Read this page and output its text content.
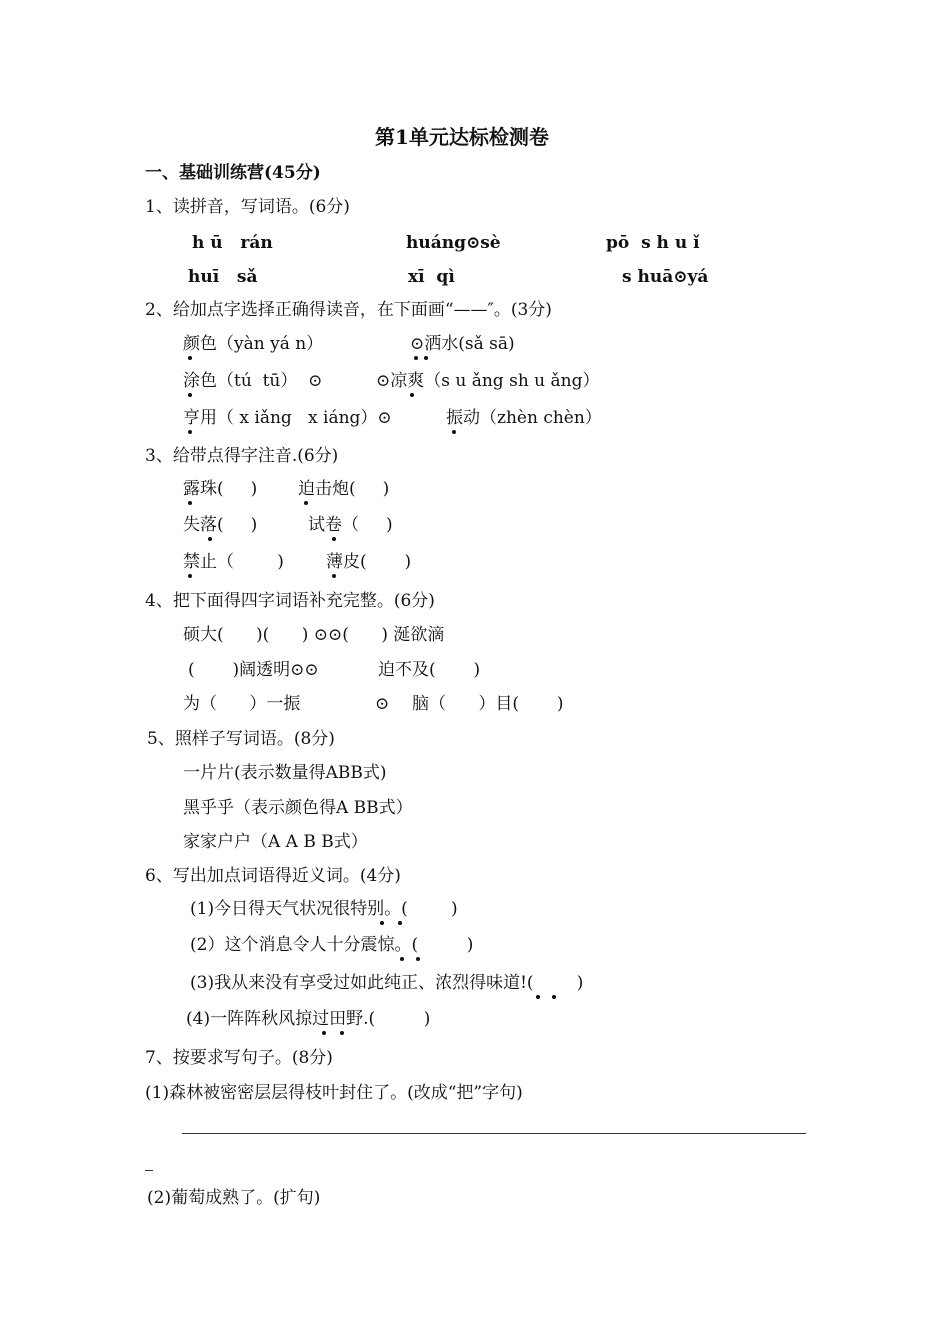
第1单元达标检测卷
一、基础训练营(45分)
1、读拼音，写词语。(6分)
h ū   rán	huáng⊙sè	pō  s h u ǐ
huī   sǎ	xī  qì	s huā⊙yá
2、给加点字选择正确得读音，在下面画“——″。(3分)
颜色（yàn yá n）	⊙洒水(sǎ sā)
涂色（tú  tū）  ⊙	⊙凉爽（s u ǎng sh u ǎng）
亨用（ x iǎng   x iáng）⊙	振动（zhèn chèn）
3、给带点得字注音.(6分)
露珠(     ) 迫击炮(     )
失落(     )	试卷（     )
禁止（        ) 薄皮(       )
4、把下面得四字词语补充完整。(6分)
硕大(      )(      ) ⊙⊙(      ) 涎欲滴
(       )阔透明⊙⊙	迫不及(       )
为（      ）一振	⊙ 脑（      ）目(       )
5、照样子写词语。(8分)
一片片(表示数量得ABB式)
黑乎乎（表示颜色得A BB式）
家家户户（A A B B式）
6、写出加点词语得近义词。(4分)
(1)今日得天气状况很特别。(        )
(2）这个消息令人十分震惊。(         )
(3)我从来没有享受过如此纯正、浓烈得味道!(        )
(4)一阵阵秋风掠过田野.(         )
7、按要求写句子。(8分)
(1)森林被密密层层得枝叶封住了。(改成“把”字句)
(2)葡萄成熟了。(扩句)
